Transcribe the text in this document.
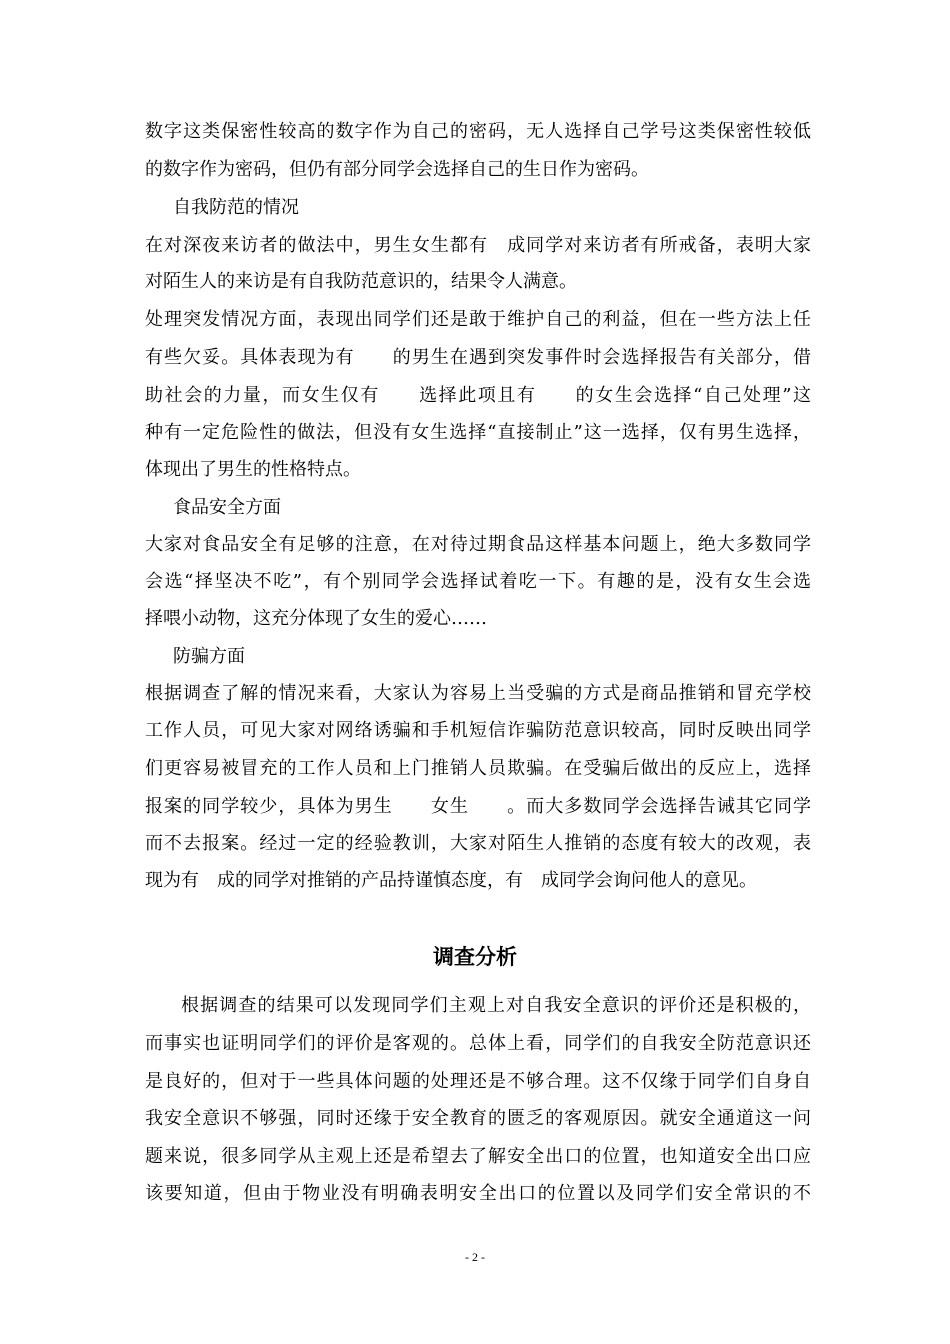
数字这类保密性较高的数字作为自己的密码，无人选择自己学号这类保密性较低
的数字作为密码，但仍有部分同学会选择自己的生日作为密码。
自我防范的情况
在对深夜来访者的做法中，男生女生都有　成同学对来访者有所戒备，表明大家
对陌生人的来访是有自我防范意识的，结果令人满意。
处理突发情况方面，表现出同学们还是敢于维护自己的利益，但在一些方法上任
有些欠妥。具体表现为有　　的男生在遇到突发事件时会选择报告有关部分，借
助社会的力量，而女生仅有　　选择此项且有　　的女生会选择“自己处理”这
种有一定危险性的做法，但没有女生选择“直接制止”这一选择，仅有男生选择，
体现出了男生的性格特点。
食品安全方面
大家对食品安全有足够的注意，在对待过期食品这样基本问题上，绝大多数同学
会选“择坚决不吃”，有个别同学会选择试着吃一下。有趣的是，没有女生会选
择喂小动物，这充分体现了女生的爱心……
防骗方面
根据调查了解的情况来看，大家认为容易上当受骗的方式是商品推销和冒充学校
工作人员，可见大家对网络诱骗和手机短信诈骗防范意识较高，同时反映出同学
们更容易被冒充的工作人员和上门推销人员欺骗。在受骗后做出的反应上，选择
报案的同学较少，具体为男生　　女生　　。而大多数同学会选择告诫其它同学
而不去报案。经过一定的经验教训，大家对陌生人推销的态度有较大的改观，表
现为有　成的同学对推销的产品持谨慎态度，有　成同学会询问他人的意见。
调查分析
根据调查的结果可以发现同学们主观上对自我安全意识的评价还是积极的，
而事实也证明同学们的评价是客观的。总体上看，同学们的自我安全防范意识还
是良好的，但对于一些具体问题的处理还是不够合理。这不仅缘于同学们自身自
我安全意识不够强，同时还缘于安全教育的匮乏的客观原因。就安全通道这一问
题来说，很多同学从主观上还是希望去了解安全出口的位置，也知道安全出口应
该要知道，但由于物业没有明确表明安全出口的位置以及同学们安全常识的不
- 2 -
